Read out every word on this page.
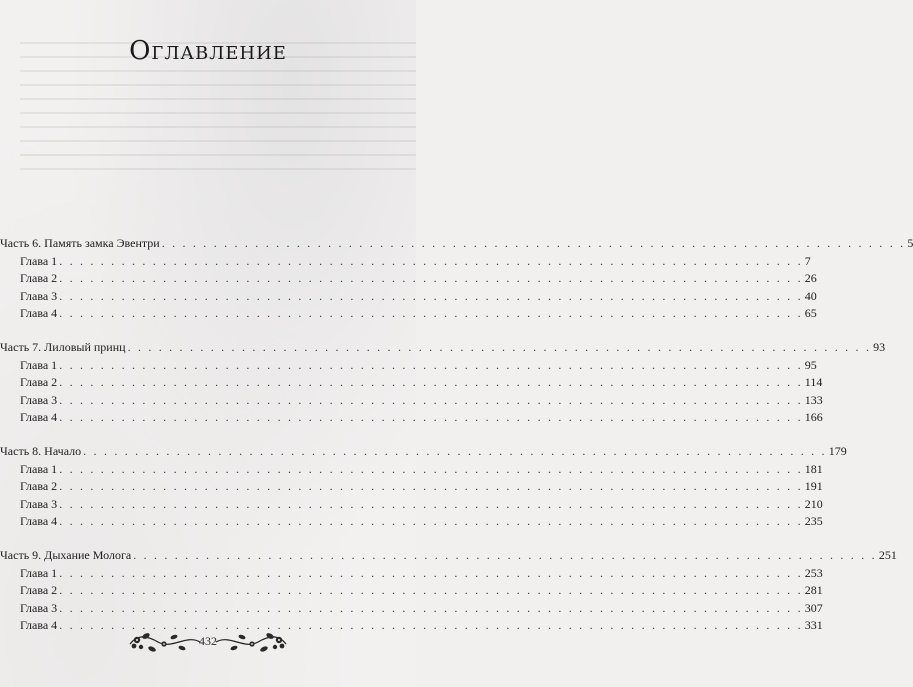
Оглавление
Часть 6. Память замка Эвентри . . . . . . . . . . . . . . . . . . . . . . . . . . . . . . . . . . . . . . . . . . . . . . . . . . . . . . . . . . . . . . . . . . . . . . . . 5
Глава 1 . . . . . . . . . . . . . . . . . . . . . . . . . . . . . . . . . . . . . . . . . . . . . . . . . . . . . . . . . . . . . . . . . . . . . . . . 7
Глава 2 . . . . . . . . . . . . . . . . . . . . . . . . . . . . . . . . . . . . . . . . . . . . . . . . . . . . . . . . . . . . . . . . . . . . . . . . 26
Глава 3 . . . . . . . . . . . . . . . . . . . . . . . . . . . . . . . . . . . . . . . . . . . . . . . . . . . . . . . . . . . . . . . . . . . . . . . . 40
Глава 4 . . . . . . . . . . . . . . . . . . . . . . . . . . . . . . . . . . . . . . . . . . . . . . . . . . . . . . . . . . . . . . . . . . . . . . . . 65
Часть 7. Лиловый принц . . . . . . . . . . . . . . . . . . . . . . . . . . . . . . . . . . . . . . . . . . . . . . . . . . . . . . . . . . . . . . . . . . . . . . . . 93
Глава 1 . . . . . . . . . . . . . . . . . . . . . . . . . . . . . . . . . . . . . . . . . . . . . . . . . . . . . . . . . . . . . . . . . . . . . . . . 95
Глава 2 . . . . . . . . . . . . . . . . . . . . . . . . . . . . . . . . . . . . . . . . . . . . . . . . . . . . . . . . . . . . . . . . . . . . . . . . 114
Глава 3 . . . . . . . . . . . . . . . . . . . . . . . . . . . . . . . . . . . . . . . . . . . . . . . . . . . . . . . . . . . . . . . . . . . . . . . . 133
Глава 4 . . . . . . . . . . . . . . . . . . . . . . . . . . . . . . . . . . . . . . . . . . . . . . . . . . . . . . . . . . . . . . . . . . . . . . . . 166
Часть 8. Начало . . . . . . . . . . . . . . . . . . . . . . . . . . . . . . . . . . . . . . . . . . . . . . . . . . . . . . . . . . . . . . . . . . . . . . . . 179
Глава 1 . . . . . . . . . . . . . . . . . . . . . . . . . . . . . . . . . . . . . . . . . . . . . . . . . . . . . . . . . . . . . . . . . . . . . . . . 181
Глава 2 . . . . . . . . . . . . . . . . . . . . . . . . . . . . . . . . . . . . . . . . . . . . . . . . . . . . . . . . . . . . . . . . . . . . . . . . 191
Глава 3 . . . . . . . . . . . . . . . . . . . . . . . . . . . . . . . . . . . . . . . . . . . . . . . . . . . . . . . . . . . . . . . . . . . . . . . . 210
Глава 4 . . . . . . . . . . . . . . . . . . . . . . . . . . . . . . . . . . . . . . . . . . . . . . . . . . . . . . . . . . . . . . . . . . . . . . . . 235
Часть 9. Дыхание Молога . . . . . . . . . . . . . . . . . . . . . . . . . . . . . . . . . . . . . . . . . . . . . . . . . . . . . . . . . . . . . . . . . . . . . . . . 251
Глава 1 . . . . . . . . . . . . . . . . . . . . . . . . . . . . . . . . . . . . . . . . . . . . . . . . . . . . . . . . . . . . . . . . . . . . . . . . 253
Глава 2 . . . . . . . . . . . . . . . . . . . . . . . . . . . . . . . . . . . . . . . . . . . . . . . . . . . . . . . . . . . . . . . . . . . . . . . . 281
Глава 3 . . . . . . . . . . . . . . . . . . . . . . . . . . . . . . . . . . . . . . . . . . . . . . . . . . . . . . . . . . . . . . . . . . . . . . . . 307
Глава 4 . . . . . . . . . . . . . . . . . . . . . . . . . . . . . . . . . . . . . . . . . . . . . . . . . . . . . . . . . . . . . . . . . . . . . . . . 331
432
